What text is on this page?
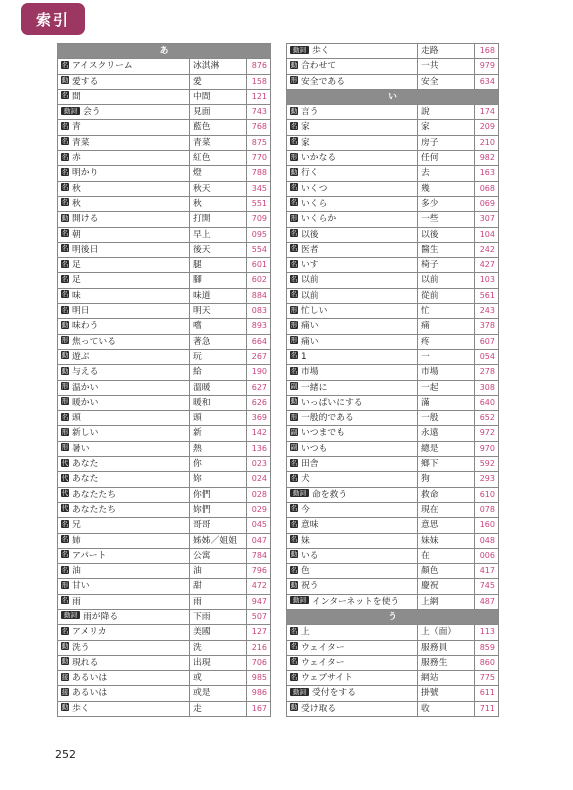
索引
あ		
名 アイスクリーム	冰淇淋	876
動 愛する	愛	158
名 間	中間	121
動詞 会う	見面	743
名 青	藍色	768
名 青菜	青菜	875
名 赤	紅色	770
名 明かり	燈	788
名 秋	秋天	345
名 秋	秋	551
動 開ける	打開	709
名 朝	早上	095
名 明後日	後天	554
名 足	腿	601
名 足	腳	602
名 味	味道	884
名 明日	明天	083
動 味わう	嚐	893
形 焦っている	著急	664
動 遊ぶ	玩	267
動 与える	給	190
形 温かい	溫暖	627
形 暖かい	暖和	626
名 頭	頭	369
形 新しい	新	142
形 暑い	熱	136
代 あなた	你	023
代 あなた	妳	024
代 あなたたち	你們	028
代 あなたたち	妳們	029
名 兄	哥哥	045
名 姉	姊姊／姐姐	047
名 アパート	公寓	784
名 油	油	796
形 甘い	甜	472
名 雨	雨	947
動詞 雨が降る	下雨	507
名 アメリカ	美國	127
動 洗う	洗	216
動 現れる	出現	706
接 あるいは	或	985
接 あるいは	或是	986
動 歩く	走	167
動詞 歩く	走路	168
動 合わせて	一共	979
形 安全である	安全	634
い		
動 言う	說	174
名 家	家	209
名 家	房子	210
形 いかなる	任何	982
動 行く	去	163
名 いくつ	幾	068
名 いくら	多少	069
形 いくらか	一些	307
名 以後	以後	104
名 医者	醫生	242
名 いす	椅子	427
名 以前	以前	103
名 以前	從前	561
形 忙しい	忙	243
形 痛い	痛	378
形 痛い	疼	607
名 1	一	054
名 市場	市場	278
副 一緒に	一起	308
動 いっぱいにする	滿	640
形 一般的である	一般	652
副 いつまでも	永遠	972
副 いつも	總是	970
名 田舎	鄉下	592
名 犬	狗	293
動詞 命を救う	救命	610
名 今	現在	078
名 意味	意思	160
名 妹	妹妹	048
動 いる	在	006
名 色	顏色	417
動 祝う	慶祝	745
動詞 インターネットを使う	上網	487
う		
名 上	上（面）	113
名 ウェイター	服務員	859
名 ウェイター	服務生	860
名 ウェブサイト	網站	775
動詞 受付をする	掛號	611
動 受け取る	收	711
252
